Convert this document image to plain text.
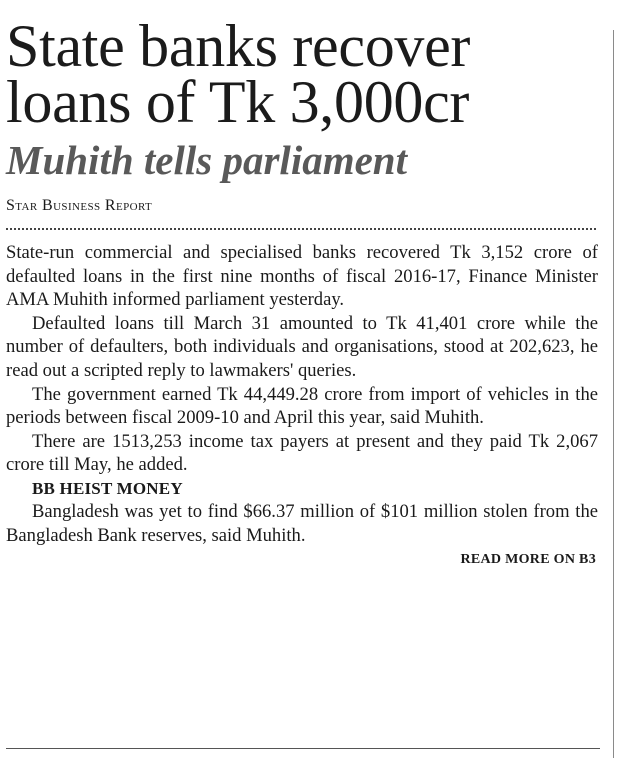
State banks recover
loans of Tk 3,000cr
Muhith tells parliament
Star Business Report

State-run commercial and specialised banks recovered Tk 3,152 crore of defaulted loans in the first nine months of fiscal 2016-17, Finance Minister AMA Muhith informed parliament yesterday.

Defaulted loans till March 31 amounted to Tk 41,401 crore while the number of defaulters, both individuals and organisations, stood at 202,623, he read out a scripted reply to lawmakers' queries.

The government earned Tk 44,449.28 crore from import of vehicles in the periods between fiscal 2009-10 and April this year, said Muhith.

There are 1513,253 income tax payers at present and they paid Tk 2,067 crore till May, he added.

BB HEIST MONEY

Bangladesh was yet to find $66.37 million of $101 million stolen from the Bangladesh Bank reserves, said Muhith.

READ MORE ON B3
